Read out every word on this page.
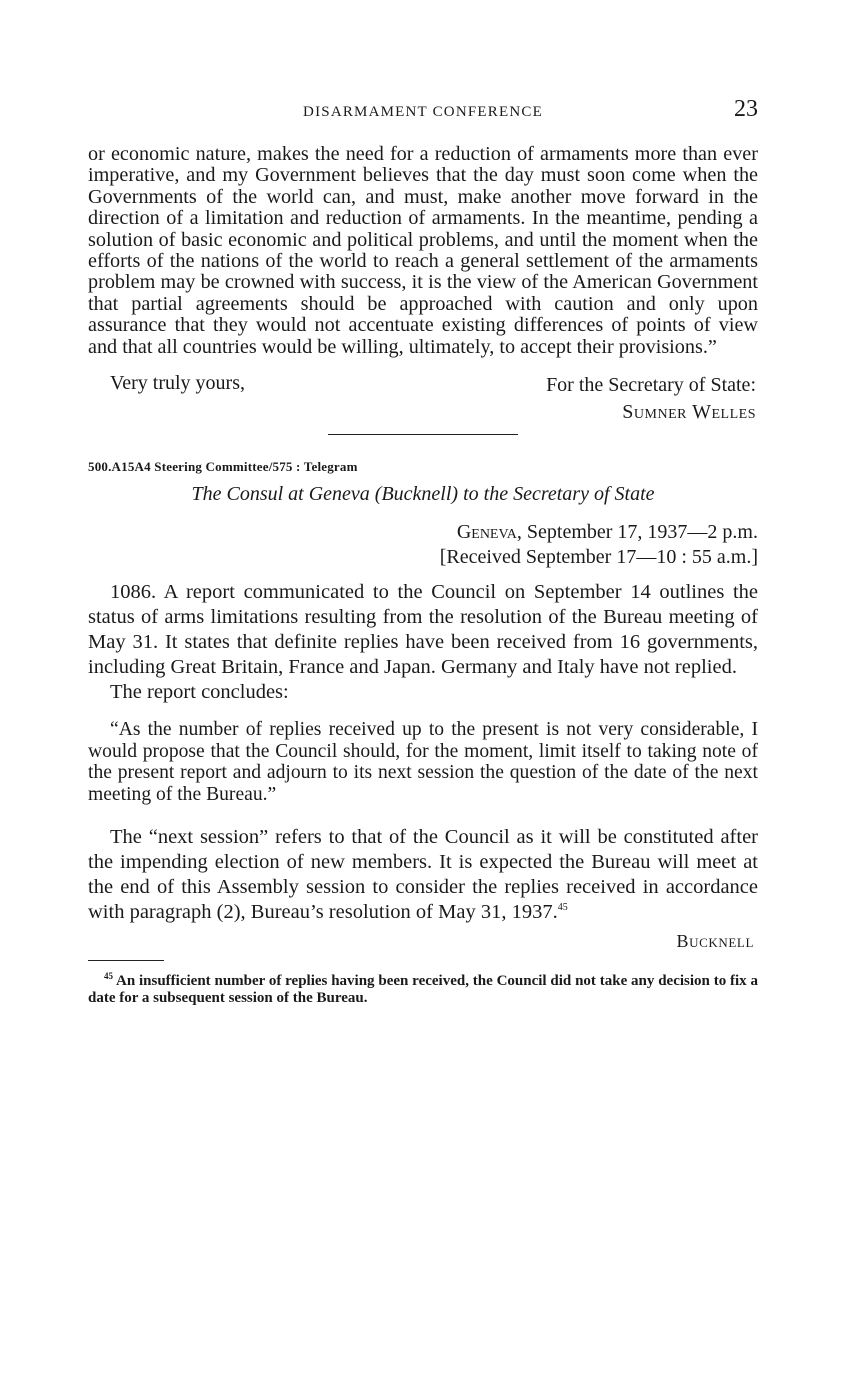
DISARMAMENT CONFERENCE	23

or economic nature, makes the need for a reduction of armaments more than ever imperative, and my Government believes that the day must soon come when the Governments of the world can, and must, make another move forward in the direction of a limitation and reduction of armaments. In the meantime, pending a solution of basic economic and political problems, and until the moment when the efforts of the nations of the world to reach a general settlement of the armaments problem may be crowned with success, it is the view of the American Government that partial agreements should be approached with caution and only upon assurance that they would not accentuate existing differences of points of view and that all countries would be willing, ultimately, to accept their provisions.”

Very truly yours,	For the Secretary of State:
Sumner Welles
500.A15A4 Steering Committee/575 : Telegram
The Consul at Geneva (Bucknell) to the Secretary of State
Geneva, September 17, 1937—2 p.m.
[Received September 17—10 : 55 a.m.]

1086. A report communicated to the Council on September 14 outlines the status of arms limitations resulting from the resolution of the Bureau meeting of May 31. It states that definite replies have been received from 16 governments, including Great Britain, France and Japan. Germany and Italy have not replied.

The report concludes:

“As the number of replies received up to the present is not very considerable, I would propose that the Council should, for the moment, limit itself to taking note of the present report and adjourn to its next session the question of the date of the next meeting of the Bureau.”

The “next session” refers to that of the Council as it will be constituted after the impending election of new members. It is expected the Bureau will meet at the end of this Assembly session to consider the replies received in accordance with paragraph (2), Bureau’s resolution of May 31, 1937.45

Bucknell

$^{45}$ An insufficient number of replies having been received, the Council did not take any decision to fix a date for a subsequent session of the Bureau.
